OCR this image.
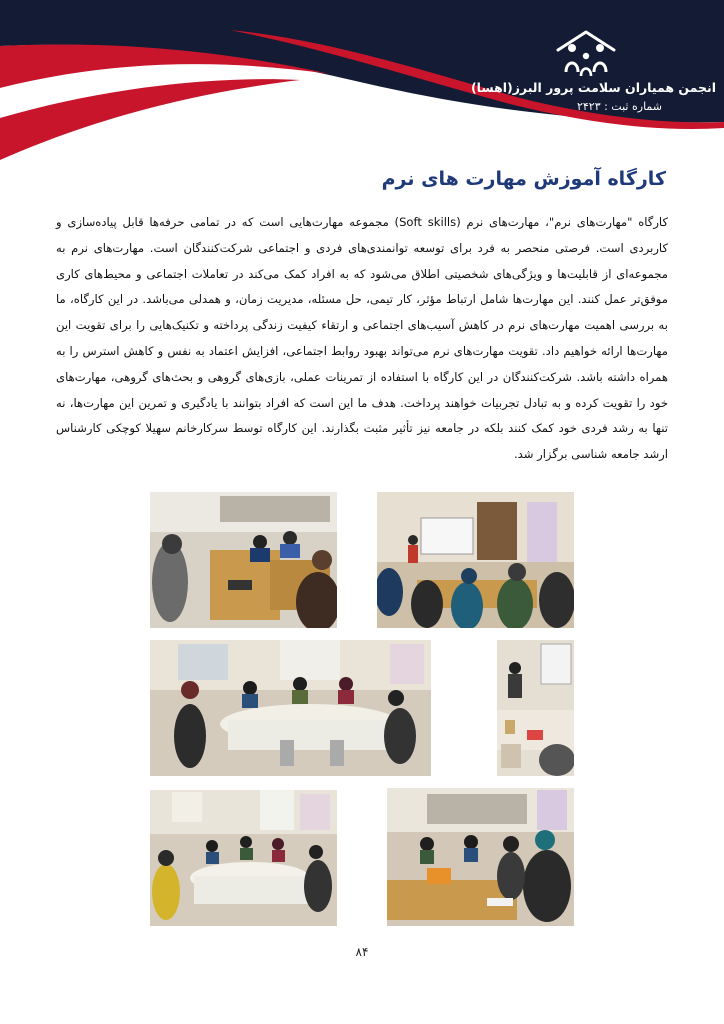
انجمن همیاران سلامت پرور البرز(اهسا)
شماره ثبت : ۲۴۲۳
کارگاه آموزش مهارت های نرم
کارگاه "مهارت‌های نرم"، مهارت‌های نرم (Soft skills) مجموعه مهارت‌هایی است که در تمامی حرفه‌ها قابل پیاده‌سازی و کاربردی است. فرصتی منحصر به فرد برای توسعه توانمندی‌های فردی و اجتماعی شرکت‌کنندگان است. مهارت‌های نرم به مجموعه‌ای از قابلیت‌ها و ویژگی‌های شخصیتی اطلاق می‌شود که به افراد کمک می‌کند در تعاملات اجتماعی و محیط‌های کاری موفق‌تر عمل کنند. این مهارت‌ها شامل ارتباط مؤثر، کار تیمی، حل مسئله، مدیریت زمان، و همدلی می‌باشد. در این کارگاه، ما به بررسی اهمیت مهارت‌های نرم در کاهش آسیب‌های اجتماعی و ارتقاء کیفیت زندگی پرداخته و تکنیک‌هایی را برای تقویت این مهارت‌ها ارائه خواهیم داد. تقویت مهارت‌های نرم می‌تواند بهبود روابط اجتماعی، افزایش اعتماد به نفس و کاهش استرس را به همراه داشته باشد. شرکت‌کنندگان در این کارگاه با استفاده از تمرینات عملی، بازی‌های گروهی و بحث‌های گروهی، مهارت‌های خود را تقویت کرده و به تبادل تجربیات خواهند پرداخت. هدف ما این است که افراد بتوانند با یادگیری و تمرین این مهارت‌ها، نه تنها به رشد فردی خود کمک کنند بلکه در جامعه نیز تأثیر مثبت بگذارند. این کارگاه توسط سرکارخانم سهیلا کوچکی کارشناس ارشد جامعه شناسی برگزار شد.
۸۴
